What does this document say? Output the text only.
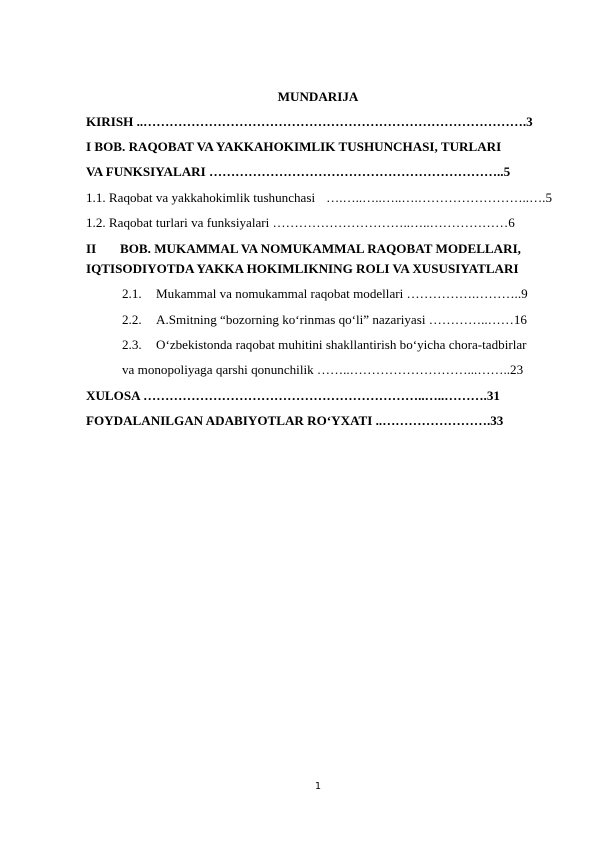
MUNDARIJA
KIRISH ..…………………………………………………………………………….3
I BOB. RAQOBAT VA YAKKAHOKIMLIK TUSHUNCHASI, TURLARI
VA FUNKSIYALARI …………………………………………………………..5
1.1. Raqobat va yakkahokimlik tushunchasi ….…..…..…..….……………………..….5
1.2. Raqobat turlari va funksiyalari …………………………..…..………………6
II BOB. MUKAMMAL VA NOMUKAMMAL RAQOBAT MODELLARI,
IQTISODIYOTDA YAKKA HOKIMLIKNING ROLI VA XUSUSIYATLARI
2.1. Mukammal va nomukammal raqobat modellari …………….………..9
2.2. A.Smitning “bozorning ko‘rinmas qo‘li” nazariyasi …………..……16
2.3. O‘zbekistonda raqobat muhitini shakllantirish bo‘yicha chora-tadbirlar
va monopoliyaga qarshi qonunchilik ……..………………………...……..23
XULOSA ………………………………………………………..…..……….31
FOYDALANILGAN ADABIYOTLAR RO‘YXATI ..…………………….33
1
